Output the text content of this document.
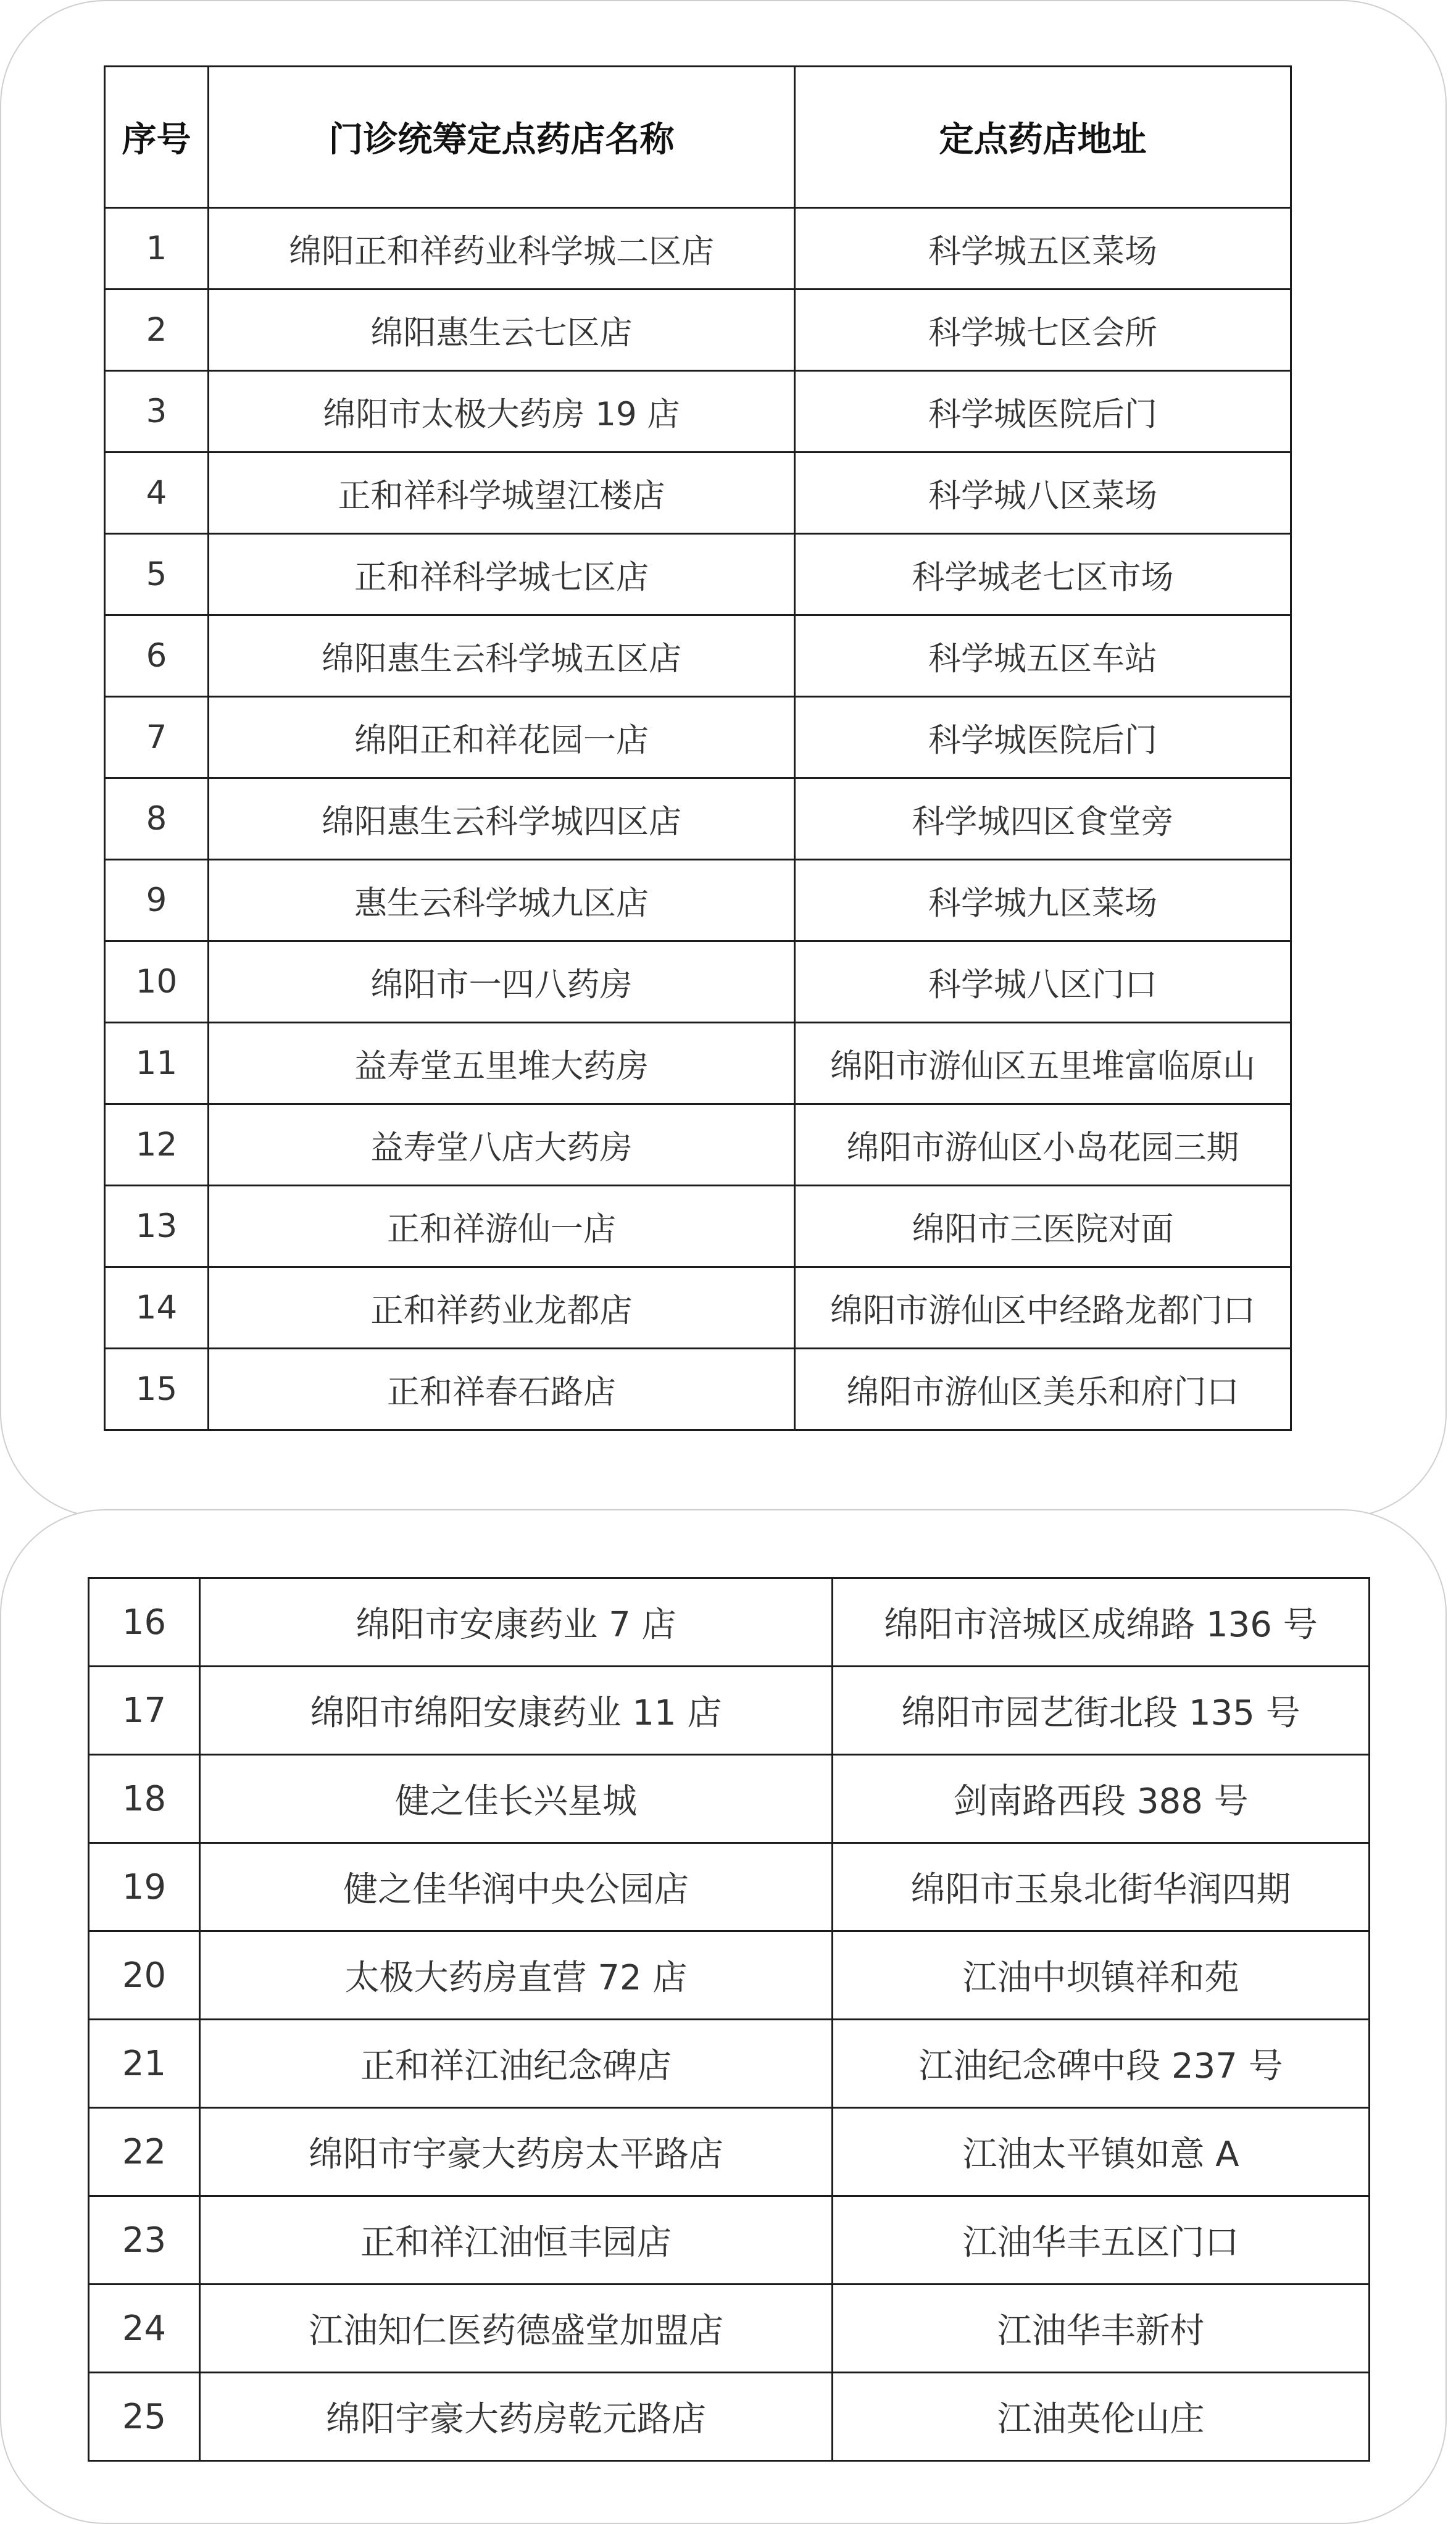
序号	门诊统筹定点药店名称	定点药店地址
1	绵阳正和祥药业科学城二区店	科学城五区菜场
2	绵阳惠生云七区店	科学城七区会所
3	绵阳市太极大药房 19 店	科学城医院后门
4	正和祥科学城望江楼店	科学城八区菜场
5	正和祥科学城七区店	科学城老七区市场
6	绵阳惠生云科学城五区店	科学城五区车站
7	绵阳正和祥花园一店	科学城医院后门
8	绵阳惠生云科学城四区店	科学城四区食堂旁
9	惠生云科学城九区店	科学城九区菜场
10	绵阳市一四八药房	科学城八区门口
11	益寿堂五里堆大药房	绵阳市游仙区五里堆富临原山
12	益寿堂八店大药房	绵阳市游仙区小岛花园三期
13	正和祥游仙一店	绵阳市三医院对面
14	正和祥药业龙都店	绵阳市游仙区中经路龙都门口
15	正和祥春石路店	绵阳市游仙区美乐和府门口
16	绵阳市安康药业 7 店	绵阳市涪城区成绵路 136 号
17	绵阳市绵阳安康药业 11 店	绵阳市园艺街北段 135 号
18	健之佳长兴星城	剑南路西段 388 号
19	健之佳华润中央公园店	绵阳市玉泉北街华润四期
20	太极大药房直营 72 店	江油中坝镇祥和苑
21	正和祥江油纪念碑店	江油纪念碑中段 237 号
22	绵阳市宇豪大药房太平路店	江油太平镇如意 A
23	正和祥江油恒丰园店	江油华丰五区门口
24	江油知仁医药德盛堂加盟店	江油华丰新村
25	绵阳宇豪大药房乾元路店	江油英伦山庄
